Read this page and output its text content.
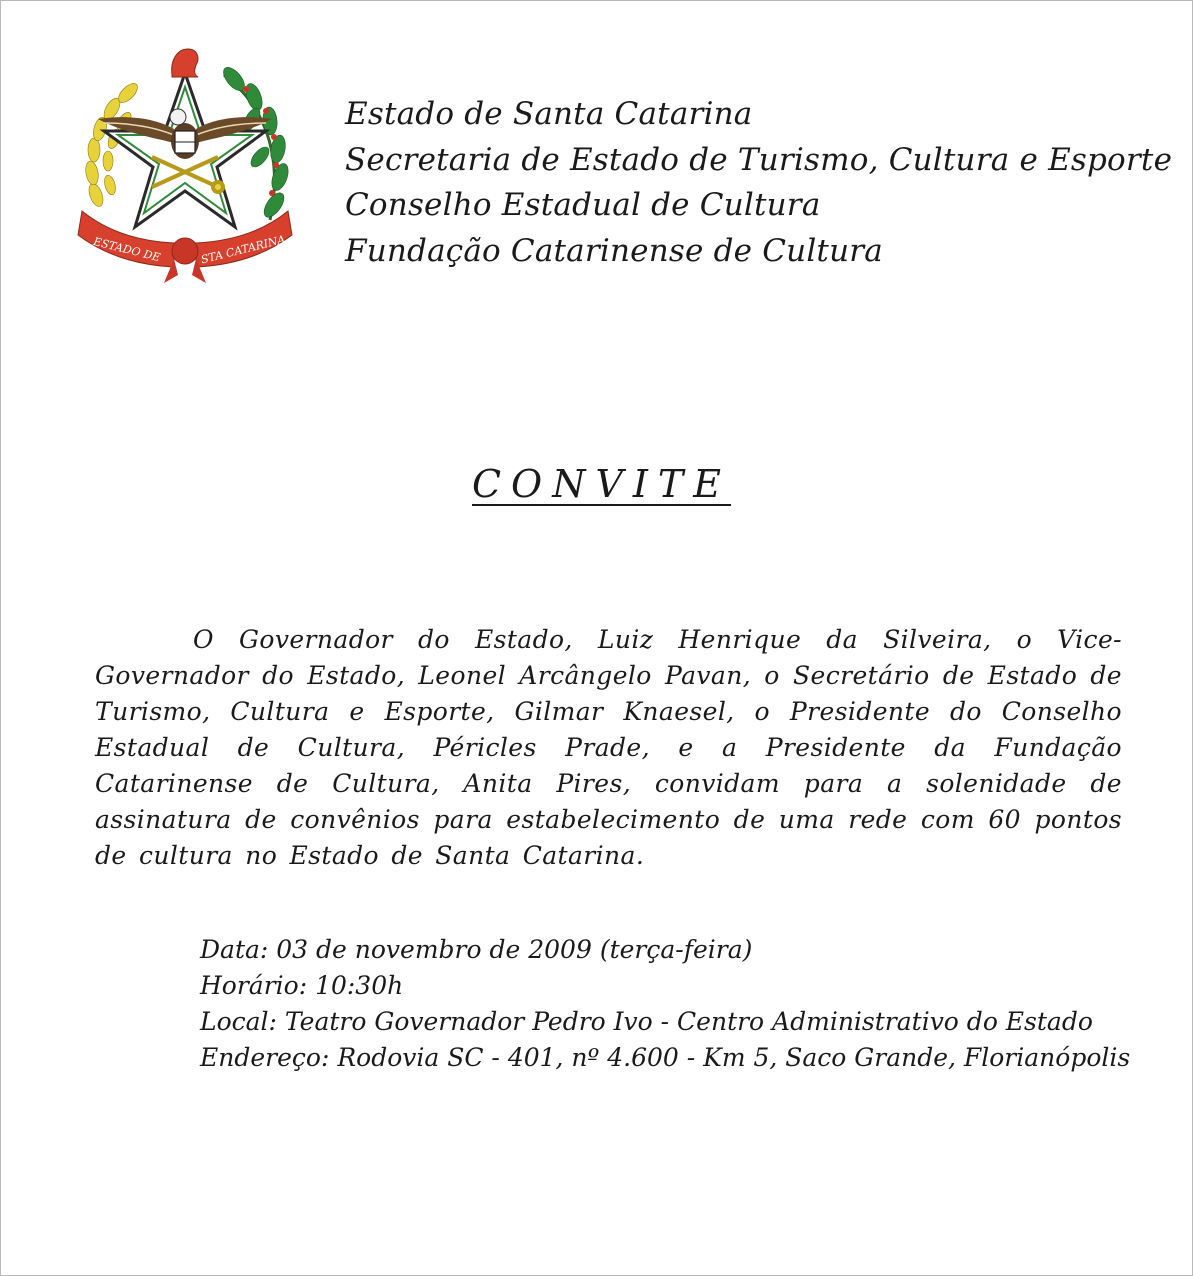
ESTADO DE	STA CATARINA
Estado de Santa Catarina
Secretaria de Estado de Turismo, Cultura e Esporte
Conselho Estadual de Cultura
Fundação Catarinense de Cultura
CONVITE
O Governador do Estado, Luiz Henrique da Silveira, o Vice-Governador do Estado, Leonel Arcângelo Pavan, o Secretário de Estado de Turismo, Cultura e Esporte, Gilmar Knaesel, o Presidente do Conselho Estadual de Cultura, Péricles Prade, e a Presidente da Fundação Catarinense de Cultura, Anita Pires, convidam para a solenidade de assinatura de convênios para estabelecimento de uma rede com 60 pontos de cultura no Estado de Santa Catarina.
Data: 03 de novembro de 2009 (terça-feira)
Horário: 10:30h
Local: Teatro Governador Pedro Ivo - Centro Administrativo do Estado
Endereço: Rodovia SC - 401, nº 4.600 - Km 5, Saco Grande, Florianópolis
